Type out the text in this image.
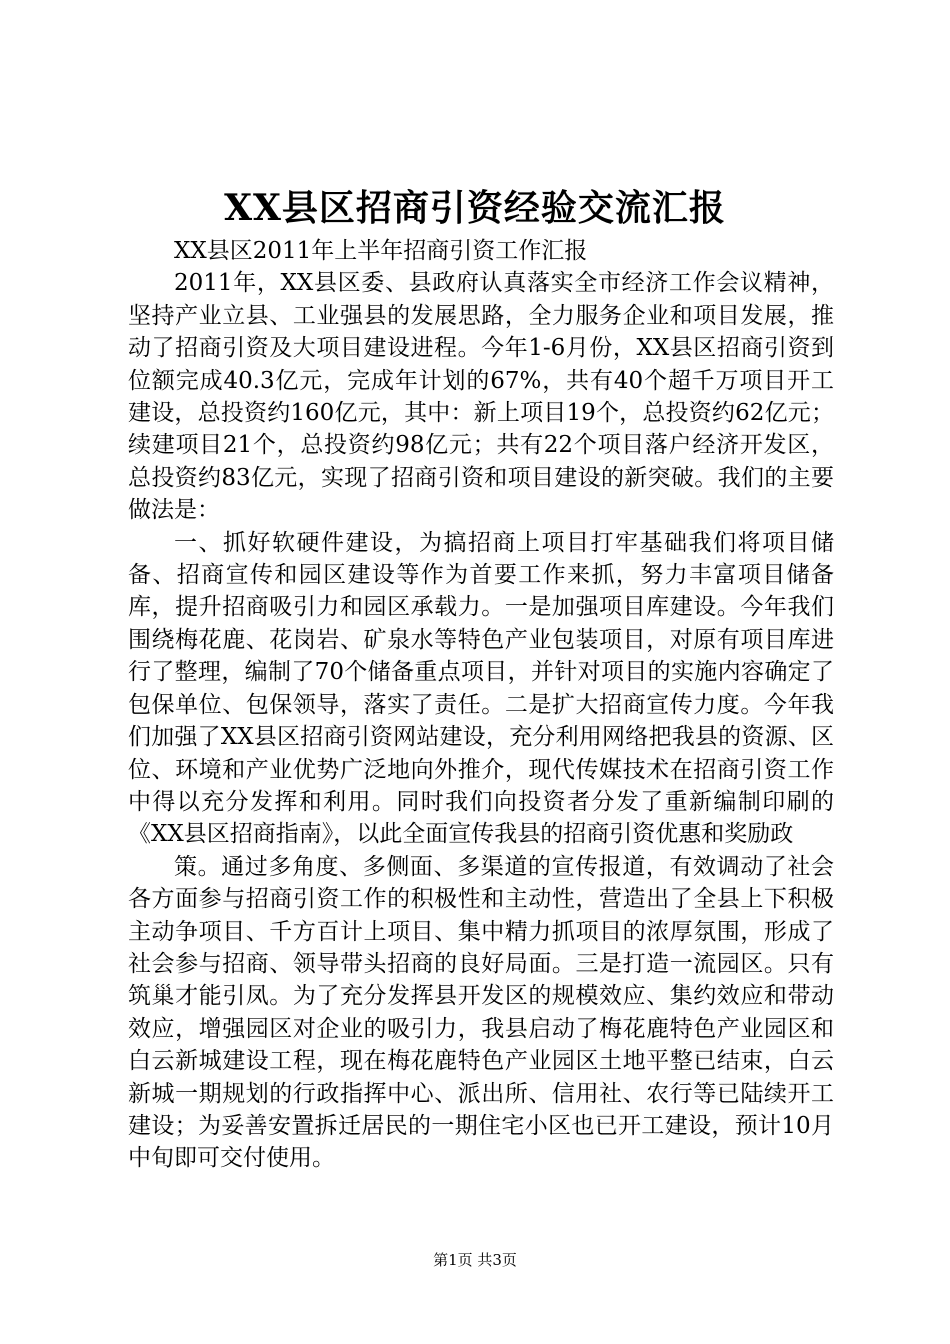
XX县区招商引资经验交流汇报

XX县区2011年上半年招商引资工作汇报

2011年，XX县区委、县政府认真落实全市经济工作会议精神，坚持产业立县、工业强县的发展思路，全力服务企业和项目发展，推动了招商引资及大项目建设进程。今年1-6月份，XX县区招商引资到位额完成40.3亿元，完成年计划的67%，共有40个超千万项目开工建设，总投资约160亿元，其中：新上项目19个，总投资约62亿元；续建项目21个，总投资约98亿元；共有22个项目落户经济开发区，总投资约83亿元，实现了招商引资和项目建设的新突破。我们的主要做法是：

一、抓好软硬件建设，为搞招商上项目打牢基础我们将项目储备、招商宣传和园区建设等作为首要工作来抓，努力丰富项目储备库，提升招商吸引力和园区承载力。一是加强项目库建设。今年我们围绕梅花鹿、花岗岩、矿泉水等特色产业包装项目，对原有项目库进行了整理，编制了70个储备重点项目，并针对项目的实施内容确定了包保单位、包保领导，落实了责任。二是扩大招商宣传力度。今年我们加强了XX县区招商引资网站建设，充分利用网络把我县的资源、区位、环境和产业优势广泛地向外推介，现代传媒技术在招商引资工作中得以充分发挥和利用。同时我们向投资者分发了重新编制印刷的《XX县区招商指南》，以此全面宣传我县的招商引资优惠和奖励政

策。通过多角度、多侧面、多渠道的宣传报道，有效调动了社会各方面参与招商引资工作的积极性和主动性，营造出了全县上下积极主动争项目、千方百计上项目、集中精力抓项目的浓厚氛围，形成了社会参与招商、领导带头招商的良好局面。三是打造一流园区。只有筑巢才能引凤。为了充分发挥县开发区的规模效应、集约效应和带动效应，增强园区对企业的吸引力，我县启动了梅花鹿特色产业园区和白云新城建设工程，现在梅花鹿特色产业园区土地平整已结束，白云新城一期规划的行政指挥中心、派出所、信用社、农行等已陆续开工建设；为妥善安置拆迁居民的一期住宅小区也已开工建设，预计10月中旬即可交付使用。

第1页 共3页
